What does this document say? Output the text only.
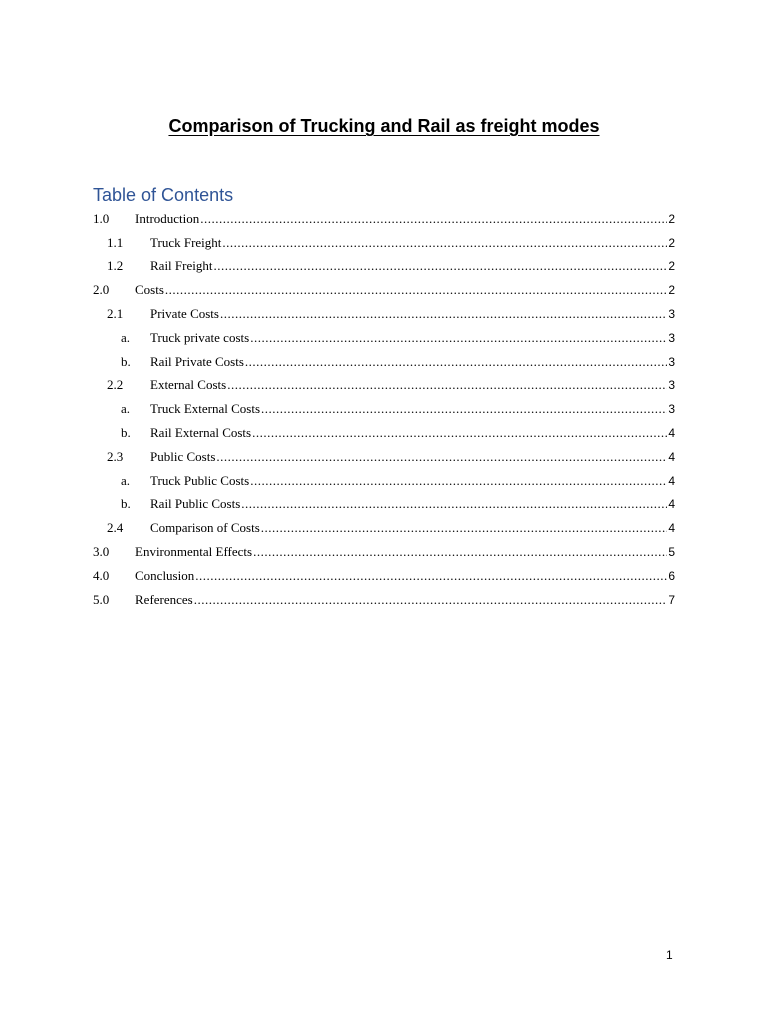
Comparison of Trucking and Rail as freight modes
Table of Contents
1.0	Introduction .....	2
1.1	Truck Freight .....	2
1.2	Rail Freight .....	2
2.0	Costs .....	2
2.1	Private Costs .....	3
a.	Truck private costs .....	3
b.	Rail Private Costs .....	3
2.2	External Costs .....	3
a.	Truck External Costs .....	3
b.	Rail External Costs .....	4
2.3	Public Costs .....	4
a.	Truck Public Costs .....	4
b.	Rail Public Costs .....	4
2.4	Comparison of Costs .....	4
3.0	Environmental Effects .....	5
4.0	Conclusion .....	6
5.0	References .....	7
1
